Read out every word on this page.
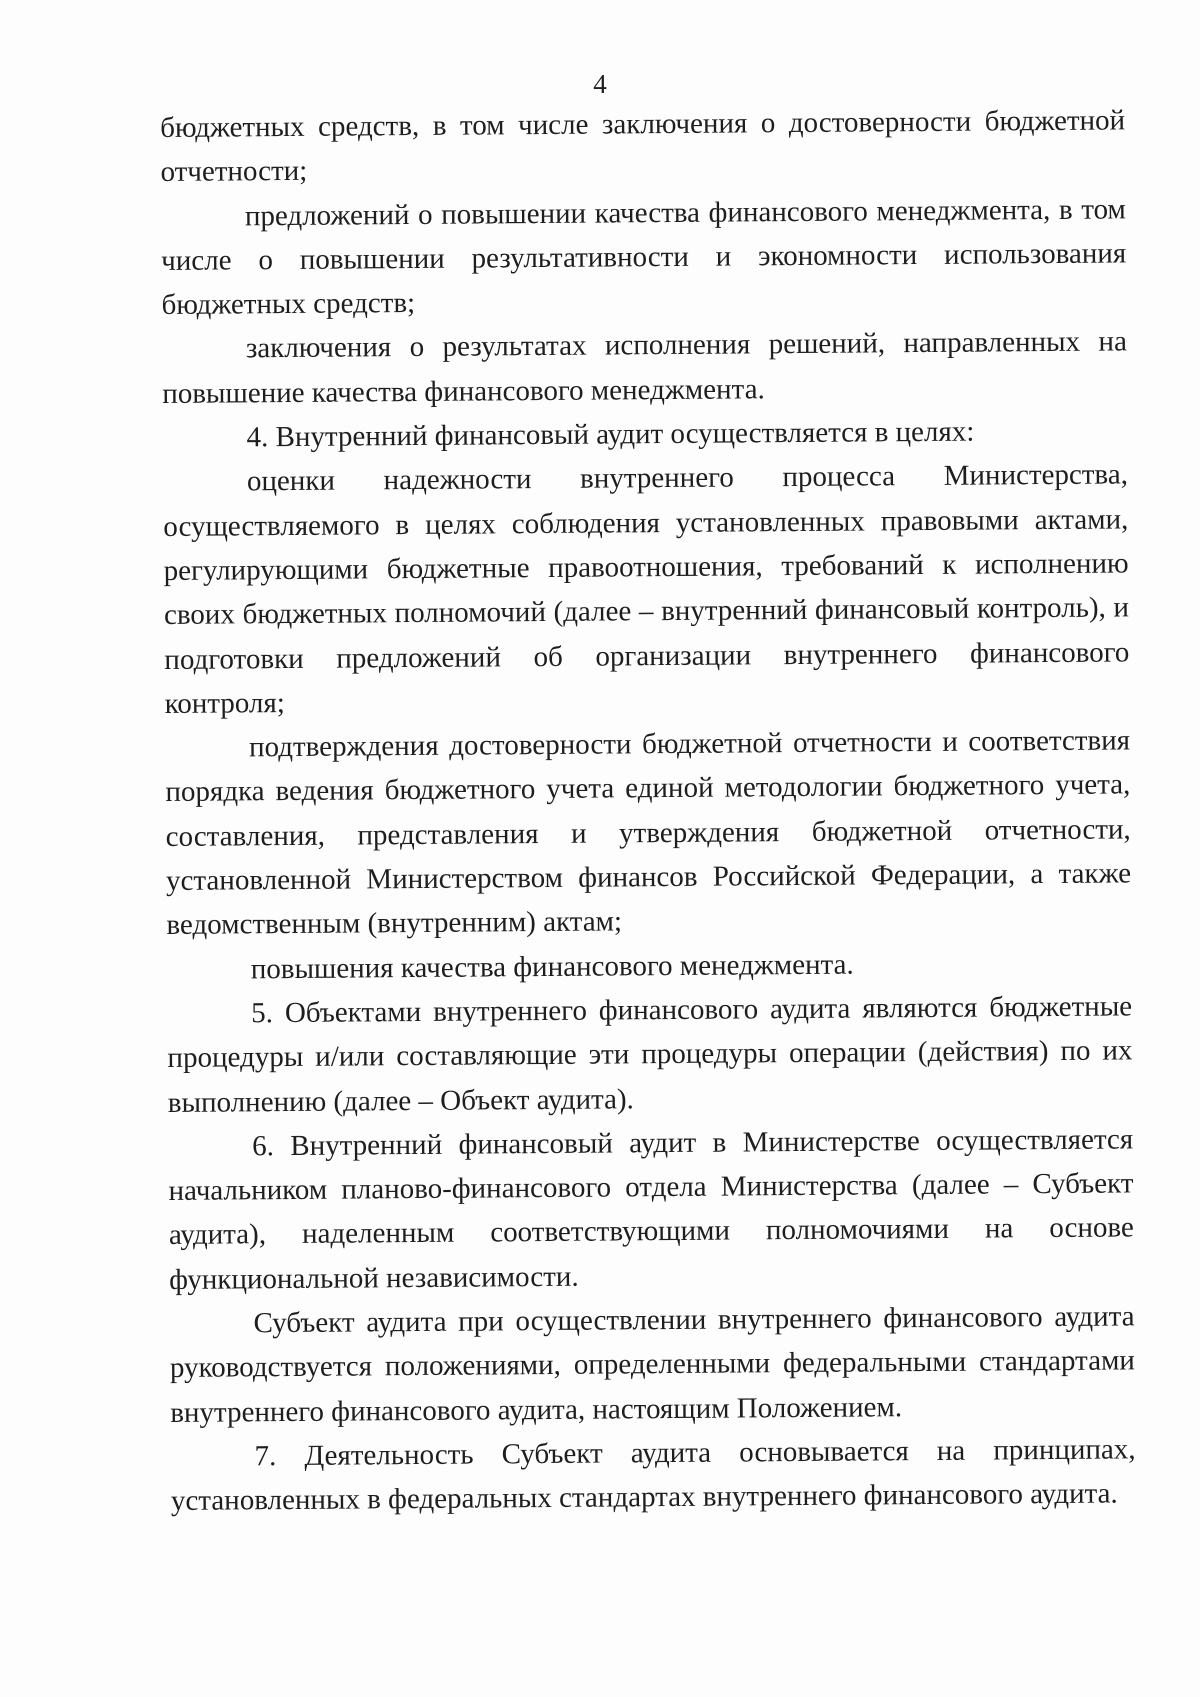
4

бюджетных средств, в том числе заключения о достоверности бюджетной отчетности;

предложений о повышении качества финансового менеджмента, в том числе о повышении результативности и экономности использования бюджетных средств;

заключения о результатах исполнения решений, направленных на повышение качества финансового менеджмента.

4. Внутренний финансовый аудит осуществляется в целях:

оценки надежности внутреннего процесса Министерства, осуществляемого в целях соблюдения установленных правовыми актами, регулирующими бюджетные правоотношения, требований к исполнению своих бюджетных полномочий (далее – внутренний финансовый контроль), и подготовки предложений об организации внутреннего финансового контроля;

подтверждения достоверности бюджетной отчетности и соответствия порядка ведения бюджетного учета единой методологии бюджетного учета, составления, представления и утверждения бюджетной отчетности, установленной Министерством финансов Российской Федерации, а также ведомственным (внутренним) актам;

повышения качества финансового менеджмента.

5. Объектами внутреннего финансового аудита являются бюджетные процедуры и/или составляющие эти процедуры операции (действия) по их выполнению (далее – Объект аудита).

6. Внутренний финансовый аудит в Министерстве осуществляется начальником планово-финансового отдела Министерства (далее – Субъект аудита), наделенным соответствующими полномочиями на основе функциональной независимости.

Субъект аудита при осуществлении внутреннего финансового аудита руководствуется положениями, определенными федеральными стандартами внутреннего финансового аудита, настоящим Положением.

7. Деятельность Субъект аудита основывается на принципах, установленных в федеральных стандартах внутреннего финансового аудита.
